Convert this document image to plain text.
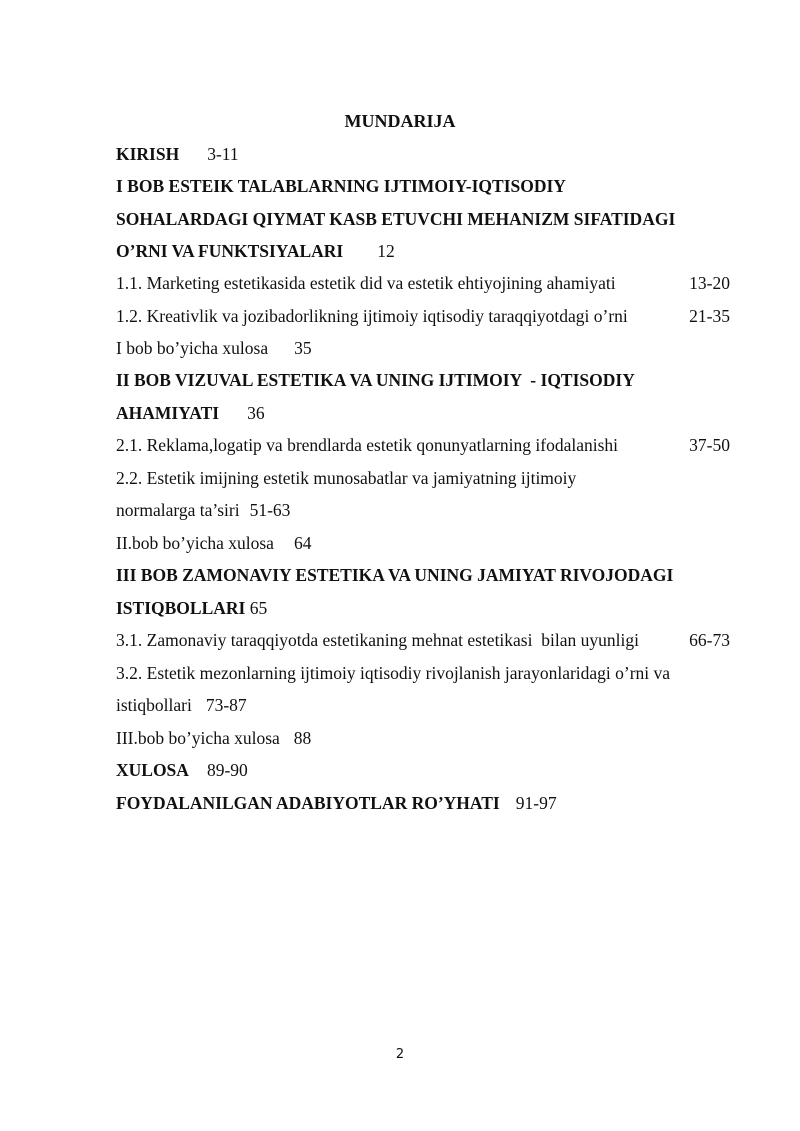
MUNDARIJA
KIRISH 3-11
I BOB ESTEIK TALABLARNING IJTIMOIY-IQTISODIY
SOHALARDAGI QIYMAT KASB ETUVCHI MEHANIZM SIFATIDAGI
O’RNI VA FUNKTSIYALARI 12
1.1. Marketing estetikasida estetik did va estetik ehtiyojining ahamiyati	13-20
1.2. Kreativlik va jozibadorlikning ijtimoiy iqtisodiy taraqqiyotdagi o’rni	21-35
I bob bo’yicha xulosa 35
II BOB VIZUVAL ESTETIKA VA UNING IJTIMOIY  - IQTISODIY
AHAMIYATI 36
2.1. Reklama,logatip va brendlarda estetik qonunyatlarning ifodalanishi	37-50
2.2. Estetik imijning estetik munosabatlar va jamiyatning ijtimoiy
normalarga ta’siri 51-63
II.bob bo’yicha xulosa 64
III BOB ZAMONAVIY ESTETIKA VA UNING JAMIYAT RIVOJODAGI
ISTIQBOLLARI 65
3.1. Zamonaviy taraqqiyotda estetikaning mehnat estetikasi  bilan uyunligi	66-73
3.2. Estetik mezonlarning ijtimoiy iqtisodiy rivojlanish jarayonlaridagi o’rni va
istiqbollari 73-87
III.bob bo’yicha xulosa 88
XULOSA 89-90
FOYDALANILGAN ADABIYOTLAR RO’YHATI 91-97
2
